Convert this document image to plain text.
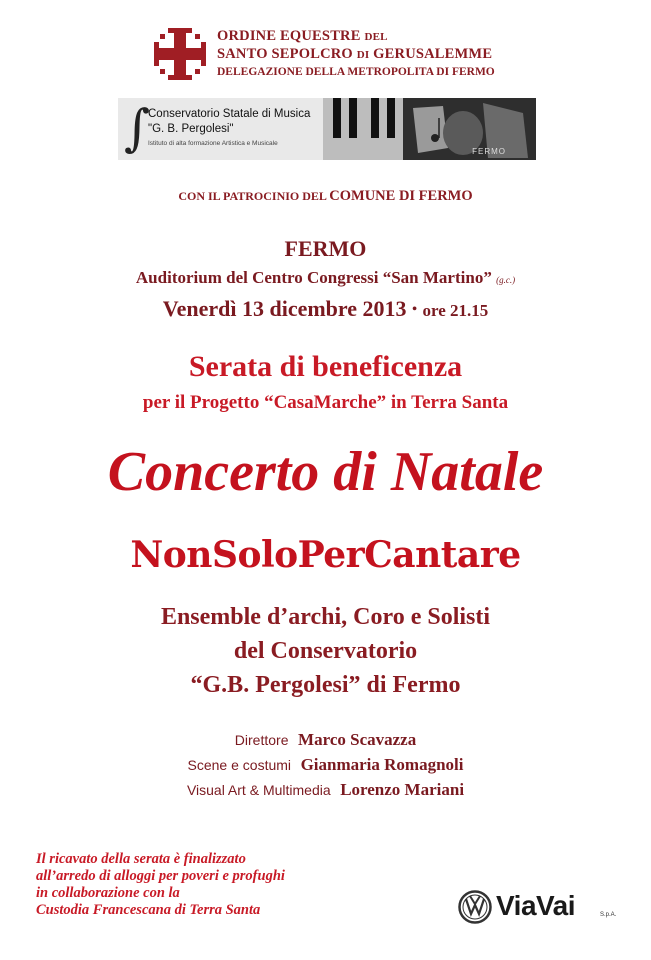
ORDINE EQUESTRE DEL
SANTO SEPOLCRO DI GERUSALEMME
DELEGAZIONE DELLA METROPOLITA DI FERMO
∫
Conservatorio Statale di Musica
"G. B. Pergolesi"
Istituto di alta formazione Artistica e Musicale
FERMO
CON IL PATROCINIO DEL COMUNE DI FERMO
FERMO
Auditorium del Centro Congressi “San Martino” (g.c.)
Venerdì 13 dicembre 2013 • ore 21.15
Serata di beneficenza
per il Progetto “CasaMarche” in Terra Santa
Concerto di Natale
NonSoloPerCantare
Ensemble d’archi, Coro e Solisti
del Conservatorio
“G.B. Pergolesi” di Fermo
Direttore Marco Scavazza
Scene e costumi Gianmaria Romagnoli
Visual Art & Multimedia Lorenzo Mariani
Il ricavato della serata è finalizzato
all’arredo di alloggi per poveri e profughi
in collaborazione con la
Custodia Francescana di Terra Santa	ViaVai	S.p.A.
